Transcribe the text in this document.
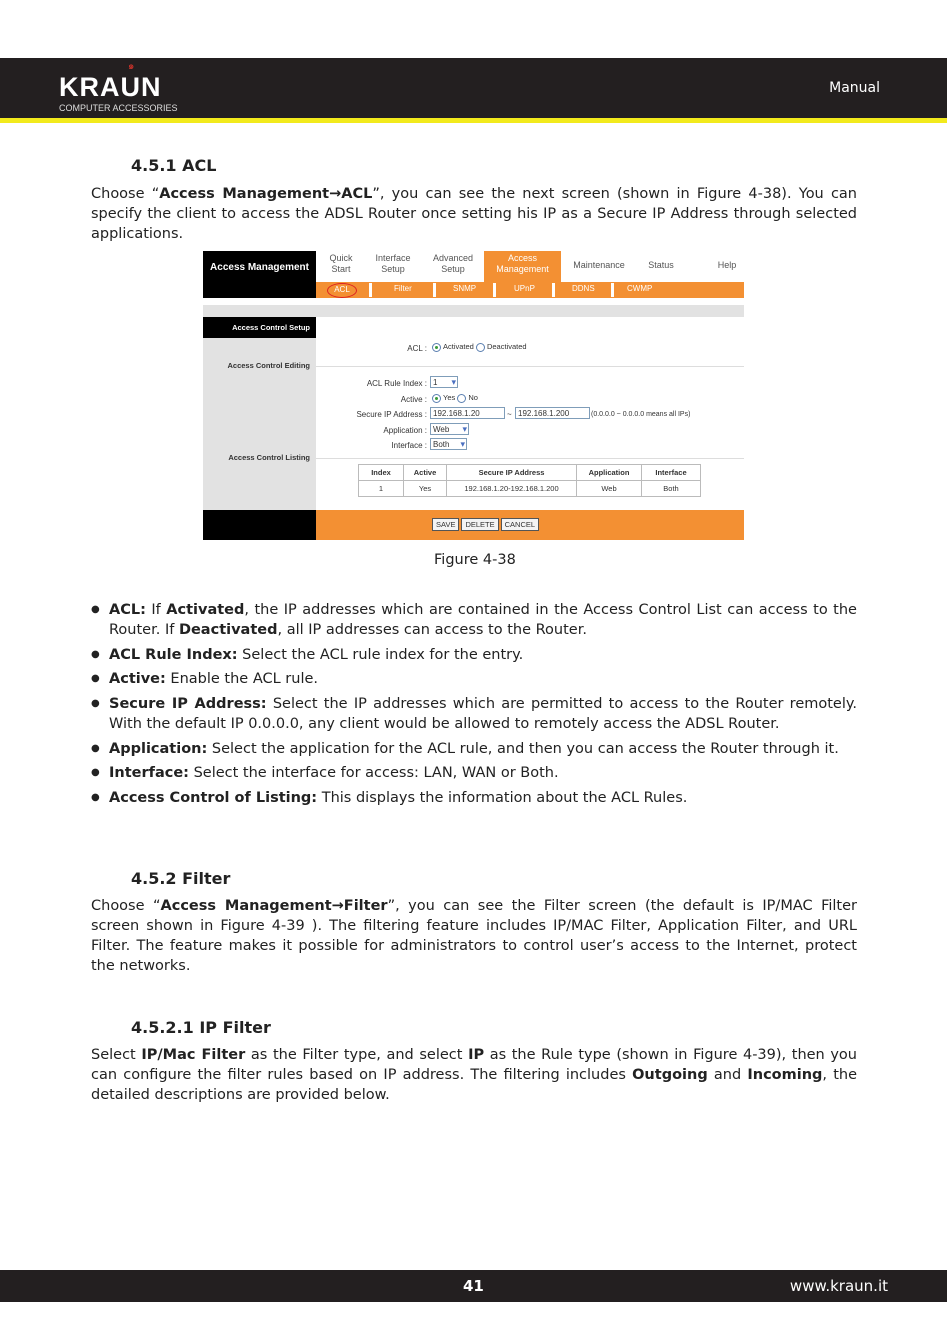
๑
KRAUN
COMPUTER ACCESSORIES
Manual
4.5.1 ACL
Choose “Access Management→ACL”, you can see the next screen (shown in Figure 4-38). You can specify the client to access the ADSL Router once setting his IP as a Secure IP Address through selected applications.
Access Management
Quick Start
Interface Setup
Advanced Setup
Access Management	Maintenance	Status	Help
ACL	Filter	SNMP	UPnP	DDNS	CWMP
Access Control Setup
Access Control Editing
Access Control Listing
ACL :	Activated Deactivated
ACL Rule Index : 1 ▾
Active :	Yes No
Secure IP Address : 192.168.1.20	~ 192.168.1.200	(0.0.0.0 ~ 0.0.0.0 means all IPs)
Application : Web ▾
Interface : Both ▾
Index	Active	Secure IP Address	Application	Interface
1	Yes	192.168.1.20-192.168.1.200	Web	Both
SAVE DELETE CANCEL
Figure 4-38
● ACL: If Activated, the IP addresses which are contained in the Access Control List can access to the Router. If Deactivated, all IP addresses can access to the Router.
● ACL Rule Index: Select the ACL rule index for the entry.
● Active: Enable the ACL rule.
● Secure IP Address: Select the IP addresses which are permitted to access to the Router remotely. With the default IP 0.0.0.0, any client would be allowed to remotely access the ADSL Router.
● Application: Select the application for the ACL rule, and then you can access the Router through it.
● Interface: Select the interface for access: LAN, WAN or Both.
● Access Control of Listing: This displays the information about the ACL Rules.
4.5.2 Filter
Choose “Access Management→Filter”, you can see the Filter screen (the default is IP/MAC Filter screen shown in Figure 4-39 ). The filtering feature includes IP/MAC Filter, Application Filter, and URL Filter. The feature makes it possible for administrators to control user’s access to the Internet, protect the networks.
4.5.2.1 IP Filter
Select IP/Mac Filter as the Filter type, and select IP as the Rule type (shown in Figure 4-39), then you can configure the filter rules based on IP address. The filtering includes Outgoing and Incoming, the detailed descriptions are provided below.
41	www.kraun.it
